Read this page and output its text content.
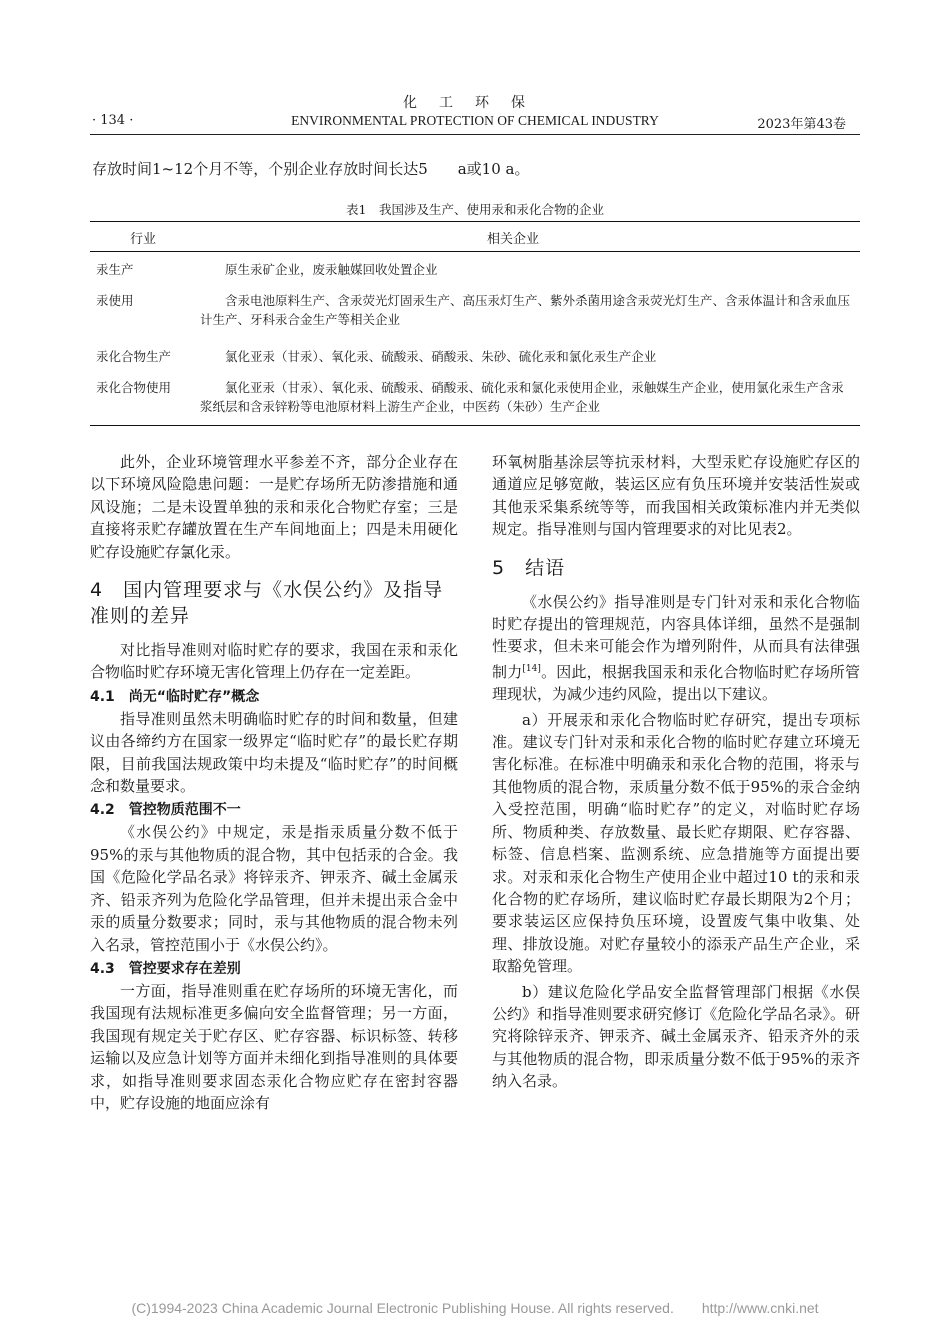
化工环保
· 134 ·	ENVIRONMENTAL PROTECTION OF CHEMICAL INDUSTRY	2023年第43卷

存放时间1~12个月不等，个别企业存放时间长达5　　a或10 a。

表1　我国涉及生产、使用汞和汞化合物的企业
行业	相关企业
汞生产	原生汞矿企业，废汞触媒回收处置企业
汞使用	含汞电池原料生产、含汞荧光灯固汞生产、高压汞灯生产、紫外杀菌用途含汞荧光灯生产、含汞体温计和含汞血压计生产、牙科汞合金生产等相关企业
汞化合物生产	氯化亚汞（甘汞）、氧化汞、硫酸汞、硝酸汞、朱砂、硫化汞和氯化汞生产企业
汞化合物使用	氯化亚汞（甘汞）、氧化汞、硫酸汞、硝酸汞、硫化汞和氯化汞使用企业，汞触媒生产企业，使用氯化汞生产含汞浆纸层和含汞锌粉等电池原材料上游生产企业，中医药（朱砂）生产企业

此外，企业环境管理水平参差不齐，部分企业存在以下环境风险隐患问题：一是贮存场所无防渗措施和通风设施；二是未设置单独的汞和汞化合物贮存室；三是直接将汞贮存罐放置在生产车间地面上；四是未用硬化贮存设施贮存氯化汞。

4　国内管理要求与《水俣公约》及指导准则的差异

对比指导准则对临时贮存的要求，我国在汞和汞化合物临时贮存环境无害化管理上仍存在一定差距。

4.1　尚无“临时贮存”概念

指导准则虽然未明确临时贮存的时间和数量，但建议由各缔约方在国家一级界定“临时贮存”的最长贮存期限，目前我国法规政策中均未提及“临时贮存”的时间概念和数量要求。

4.2　管控物质范围不一

《水俣公约》中规定，汞是指汞质量分数不低于95%的汞与其他物质的混合物，其中包括汞的合金。我国《危险化学品名录》将锌汞齐、钾汞齐、碱土金属汞齐、铅汞齐列为危险化学品管理，但并未提出汞合金中汞的质量分数要求；同时，汞与其他物质的混合物未列入名录，管控范围小于《水俣公约》。

4.3　管控要求存在差别

一方面，指导准则重在贮存场所的环境无害化，而我国现有法规标准更多偏向安全监督管理；另一方面，我国现有规定关于贮存区、贮存容器、标识标签、转移运输以及应急计划等方面并未细化到指导准则的具体要求，如指导准则要求固态汞化合物应贮存在密封容器中，贮存设施的地面应涂有

环氧树脂基涂层等抗汞材料，大型汞贮存设施贮存区的通道应足够宽敞，装运区应有负压环境并安装活性炭或其他汞采集系统等等，而我国相关政策标准内并无类似规定。指导准则与国内管理要求的对比见表2。

5　结语

《水俣公约》指导准则是专门针对汞和汞化合物临时贮存提出的管理规范，内容具体详细，虽然不是强制性要求，但未来可能会作为增列附件，从而具有法律强制力[14]。因此，根据我国汞和汞化合物临时贮存场所管理现状，为减少违约风险，提出以下建议。

a）开展汞和汞化合物临时贮存研究，提出专项标准。建议专门针对汞和汞化合物的临时贮存建立环境无害化标准。在标准中明确汞和汞化合物的范围，将汞与其他物质的混合物，汞质量分数不低于95%的汞合金纳入受控范围，明确“临时贮存”的定义，对临时贮存场所、物质种类、存放数量、最长贮存期限、贮存容器、标签、信息档案、监测系统、应急措施等方面提出要求。对汞和汞化合物生产使用企业中超过10 t的汞和汞化合物的贮存场所，建议临时贮存最长期限为2个月；要求装运区应保持负压环境，设置废气集中收集、处理、排放设施。对贮存量较小的添汞产品生产企业，采取豁免管理。

b）建议危险化学品安全监督管理部门根据《水俣公约》和指导准则要求研究修订《危险化学品名录》。研究将除锌汞齐、钾汞齐、碱土金属汞齐、铅汞齐外的汞与其他物质的混合物，即汞质量分数不低于95%的汞齐纳入名录。

(C)1994-2023 China Academic Journal Electronic Publishing House. All rights reserved.　　http://www.cnki.net
